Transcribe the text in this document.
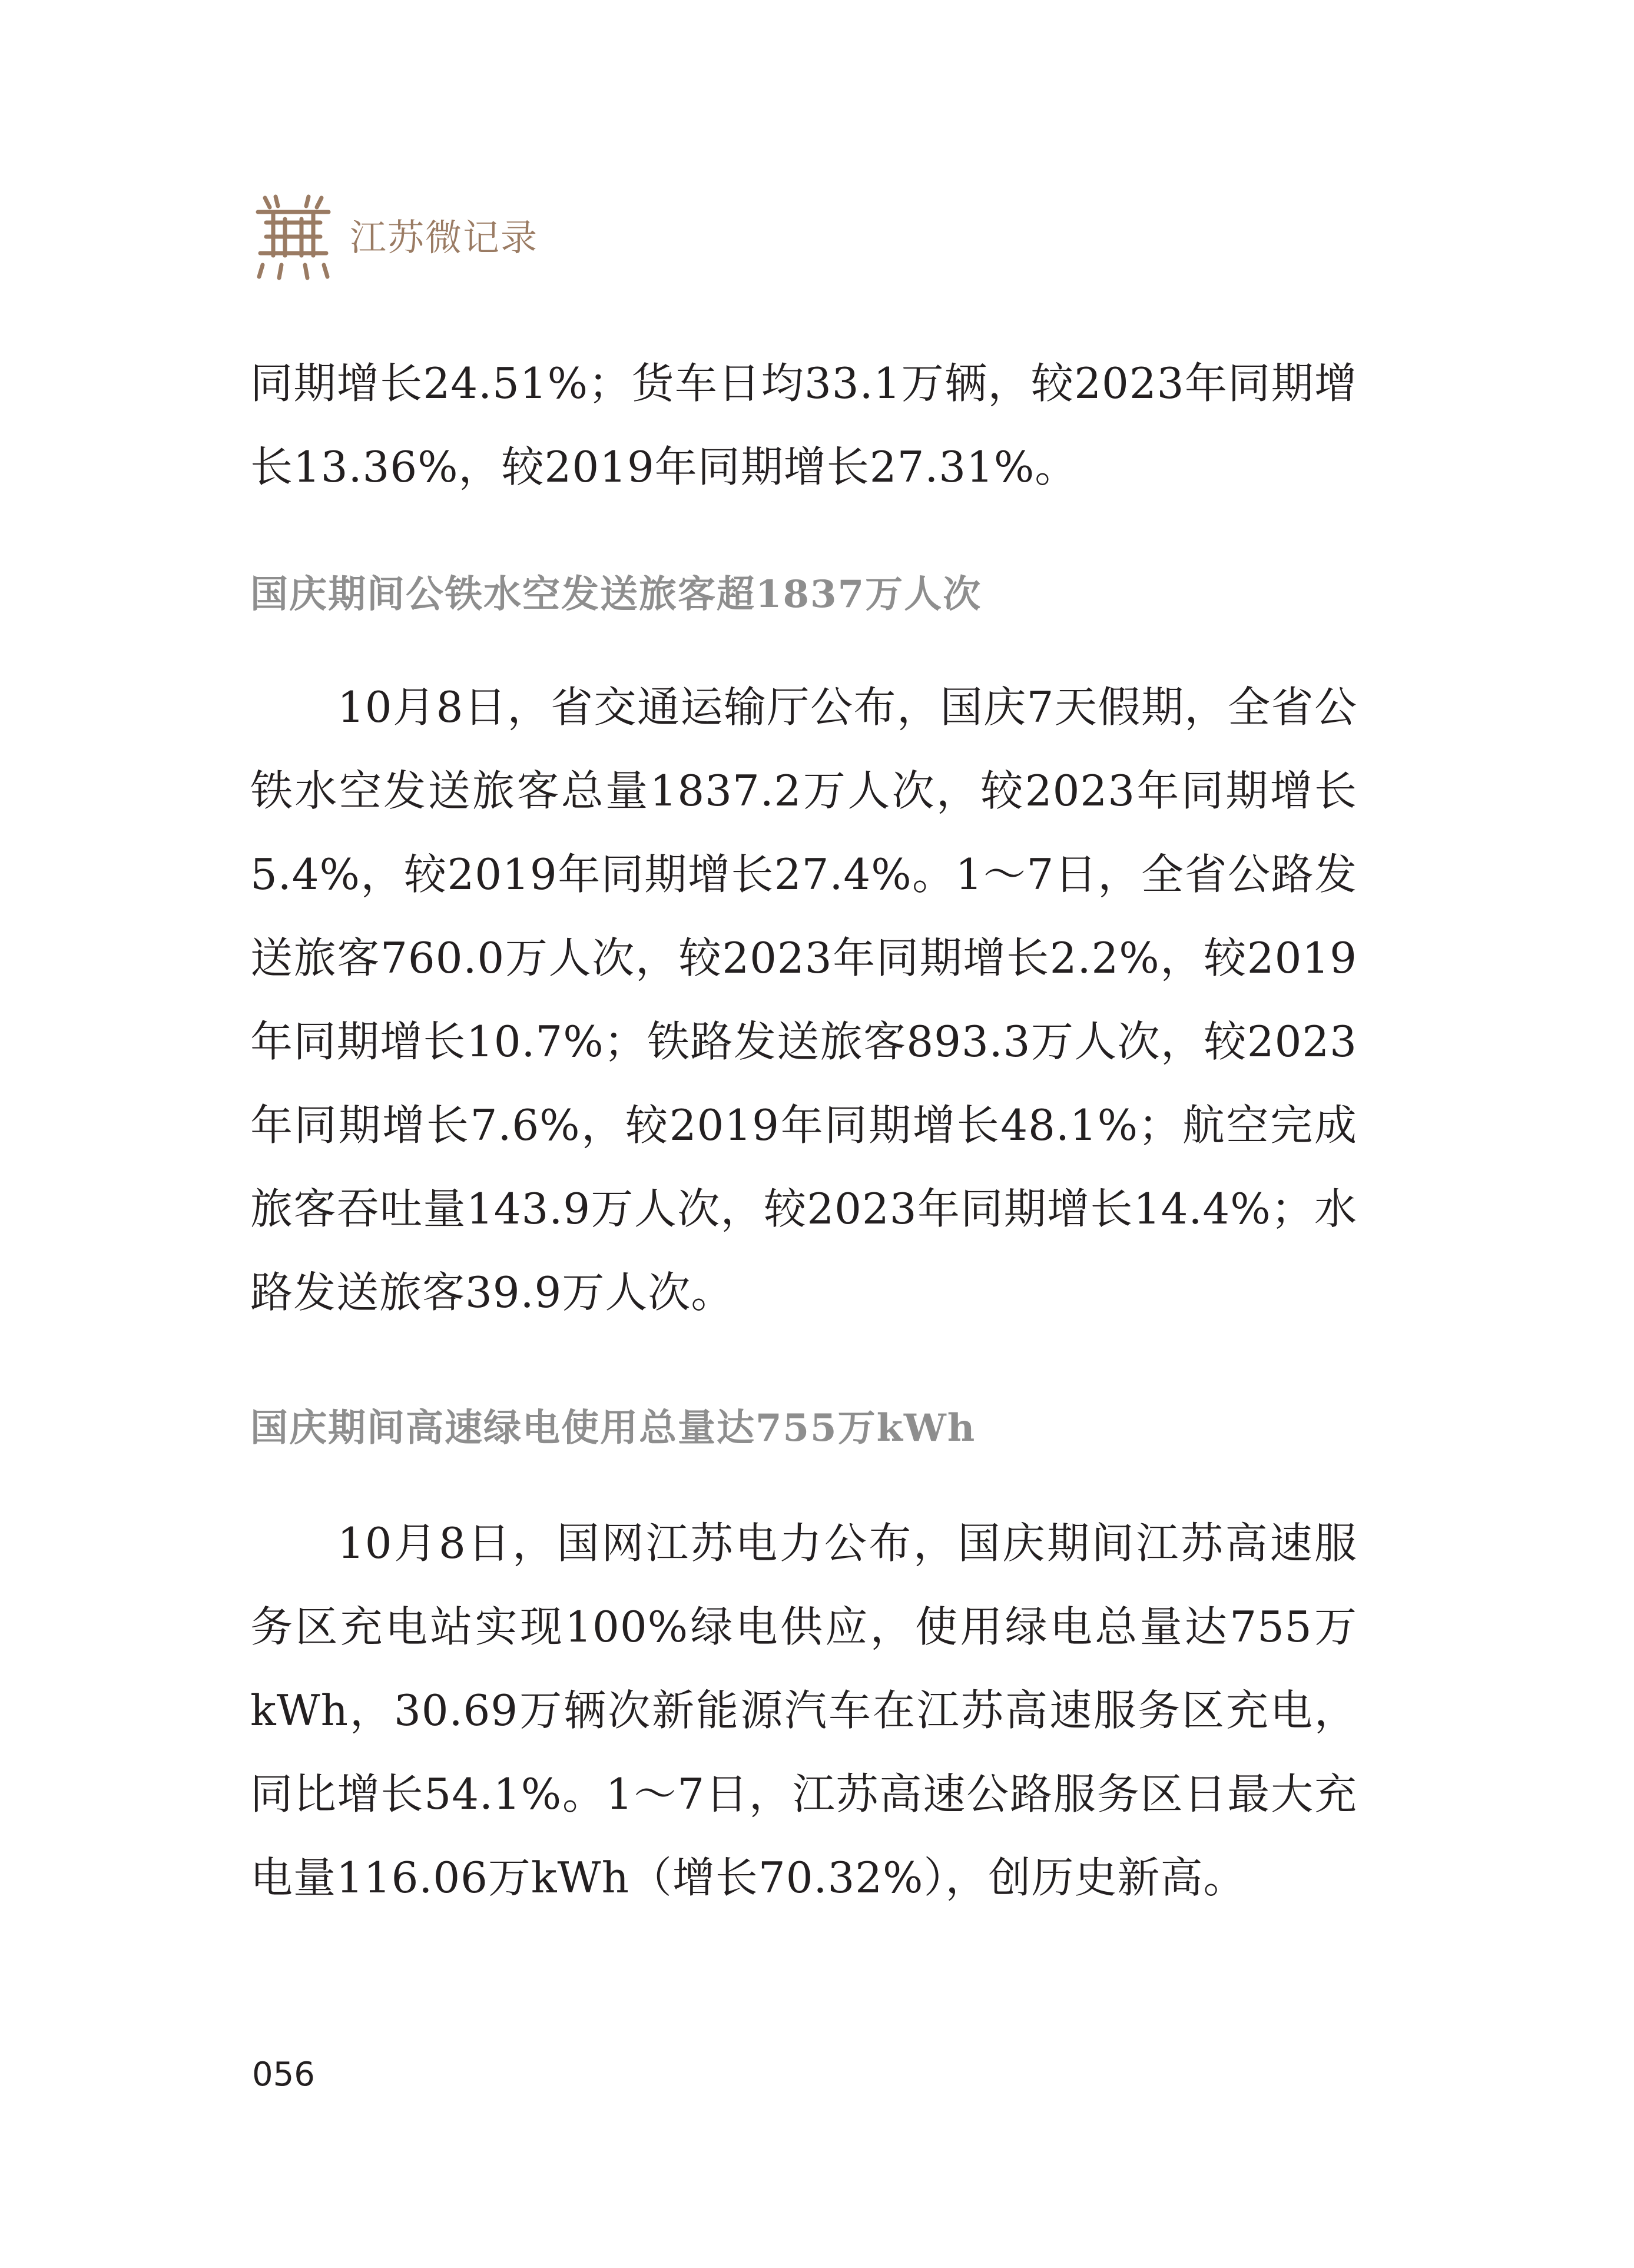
江苏微记录

同期增长24.51%；货车日均33.1万辆，较2023年同期增长13.36%，较2019年同期增长27.31%。

国庆期间公铁水空发送旅客超1837万人次

10月8日，省交通运输厅公布，国庆7天假期，全省公铁水空发送旅客总量1837.2万人次，较2023年同期增长5.4%，较2019年同期增长27.4%。1～7日，全省公路发送旅客760.0万人次，较2023年同期增长2.2%，较2019年同期增长10.7%；铁路发送旅客893.3万人次，较2023年同期增长7.6%，较2019年同期增长48.1%；航空完成旅客吞吐量143.9万人次，较2023年同期增长14.4%；水路发送旅客39.9万人次。

国庆期间高速绿电使用总量达755万kWh

10月8日，国网江苏电力公布，国庆期间江苏高速服务区充电站实现100%绿电供应，使用绿电总量达755万kWh，30.69万辆次新能源汽车在江苏高速服务区充电，同比增长54.1%。1～7日，江苏高速公路服务区日最大充电量116.06万kWh（增长70.32%），创历史新高。

056
